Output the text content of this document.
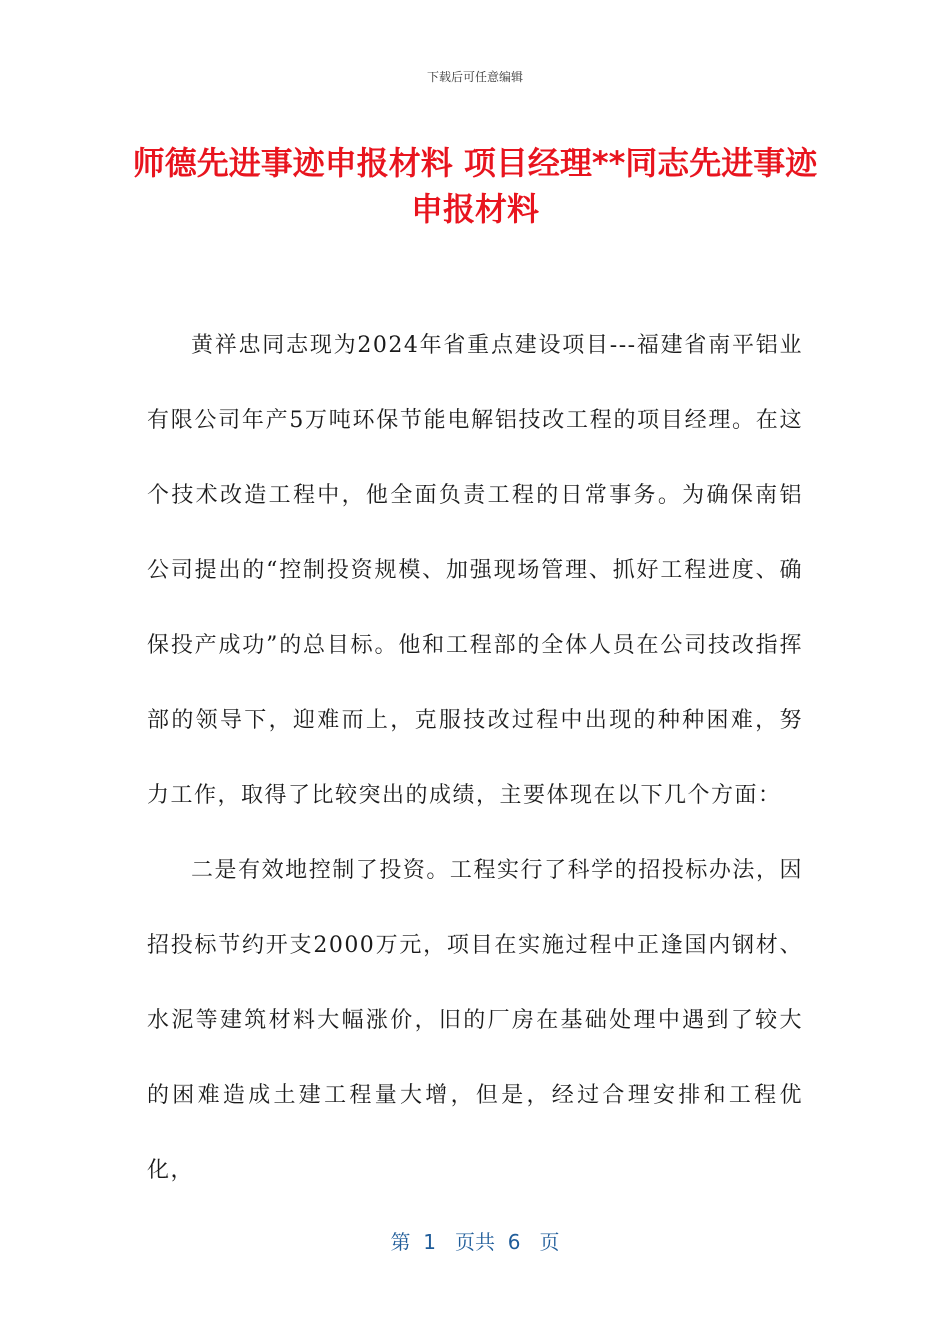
下载后可任意编辑
师德先进事迹申报材料 项目经理**同志先进事迹申报材料

黄祥忠同志现为2024年省重点建设项目---福建省南平铝业有限公司年产5万吨环保节能电解铝技改工程的项目经理。在这个技术改造工程中，他全面负责工程的日常事务。为确保南铝公司提出的“控制投资规模、加强现场管理、抓好工程进度、确保投产成功”的总目标。他和工程部的全体人员在公司技改指挥部的领导下，迎难而上，克服技改过程中出现的种种困难，努力工作，取得了比较突出的成绩，主要体现在以下几个方面：

二是有效地控制了投资。工程实行了科学的招投标办法，因招投标节约开支2000万元，项目在实施过程中正逢国内钢材、水泥等建筑材料大幅涨价，旧的厂房在基础处理中遇到了较大的困难造成土建工程量大增，但是，经过合理安排和工程优化，

第  1   页共  6   页
